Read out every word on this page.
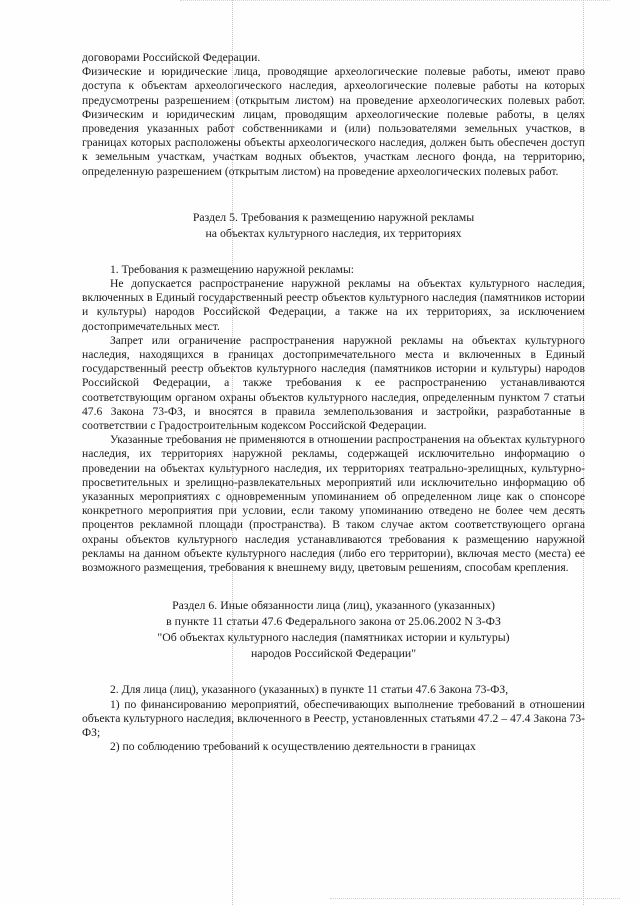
договорами Российской Федерации.

Физические и юридические лица, проводящие археологические полевые работы, имеют право доступа к объектам археологического наследия, археологические полевые работы на которых предусмотрены разрешением (открытым листом) на проведение археологических полевых работ. Физическим и юридическим лицам, проводящим археологические полевые работы, в целях проведения указанных работ собственниками и (или) пользователями земельных участков, в границах которых расположены объекты археологического наследия, должен быть обеспечен доступ к земельным участкам, участкам водных объектов, участкам лесного фонда, на территорию, определенную разрешением (открытым листом) на проведение археологических полевых работ.

Раздел 5. Требования к размещению наружной рекламы

на объектах культурного наследия, их территориях

1. Требования к размещению наружной рекламы:

Не допускается распространение наружной рекламы на объектах культурного наследия, включенных в Единый государственный реестр объектов культурного наследия (памятников истории и культуры) народов Российской Федерации, а также на их территориях, за исключением достопримечательных мест.

Запрет или ограничение распространения наружной рекламы на объектах культурного наследия, находящихся в границах достопримечательного места и включенных в Единый государственный реестр объектов культурного наследия (памятников истории и культуры) народов Российской Федерации, а также требования к ее распространению устанавливаются соответствующим органом охраны объектов культурного наследия, определенным пунктом 7 статьи 47.6 Закона 73-ФЗ, и вносятся в правила землепользования и застройки, разработанные в соответствии с Градостроительным кодексом Российской Федерации.

Указанные требования не применяются в отношении распространения на объектах культурного наследия, их территориях наружной рекламы, содержащей исключительно информацию о проведении на объектах культурного наследия, их территориях театрально-зрелищных, культурно-просветительных и зрелищно-развлекательных мероприятий или исключительно информацию об указанных мероприятиях с одновременным упоминанием об определенном лице как о спонсоре конкретного мероприятия при условии, если такому упоминанию отведено не более чем десять процентов рекламной площади (пространства). В таком случае актом соответствующего органа охраны объектов культурного наследия устанавливаются требования к размещению наружной рекламы на данном объекте культурного наследия (либо его территории), включая место (места) ее возможного размещения, требования к внешнему виду, цветовым решениям, способам крепления.

Раздел 6. Иные обязанности лица (лиц), указанного (указанных)

в пункте 11 статьи 47.6 Федерального закона от 25.06.2002 N 3-ФЗ

"Об объектах культурного наследия (памятниках истории и культуры)

народов Российской Федерации"

2. Для лица (лиц), указанного (указанных) в пункте 11 статьи 47.6 Закона 73-ФЗ,

1) по финансированию мероприятий, обеспечивающих выполнение требований в отношении объекта культурного наследия, включенного в Реестр, установленных статьями 47.2 – 47.4 Закона 73-ФЗ;

2) по соблюдению требований к осуществлению деятельности в границах
